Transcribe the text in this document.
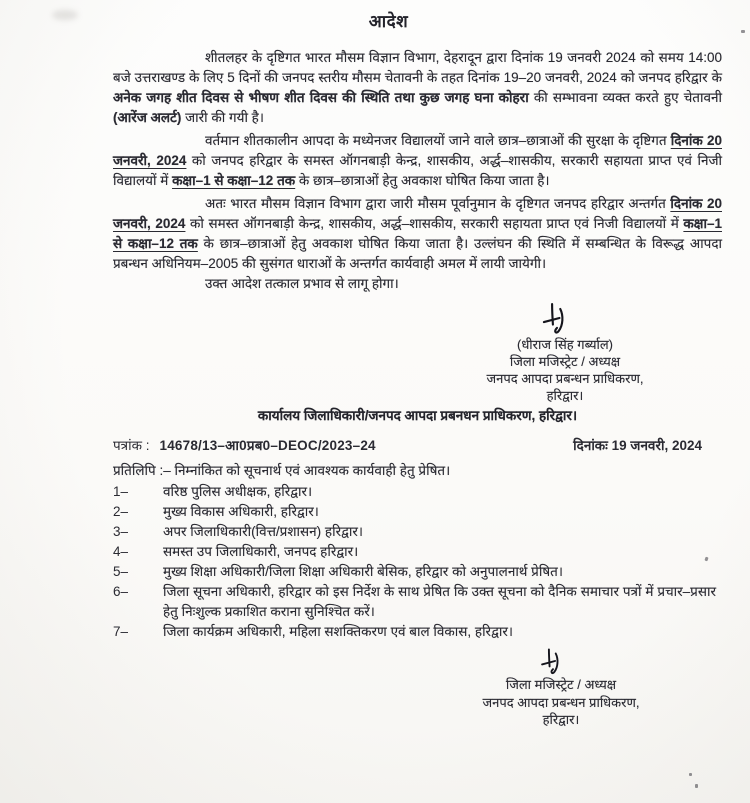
आदेश

शीतलहर के दृष्टिगत भारत मौसम विज्ञान विभाग, देहरादून द्वारा दिनांक 19 जनवरी 2024 को समय 14:00 बजे उत्तराखण्ड के लिए 5 दिनों की जनपद स्तरीय मौसम चेतावनी के तहत दिनांक 19–20 जनवरी, 2024 को जनपद हरिद्वार के अनेक जगह शीत दिवस से भीषण शीत दिवस की स्थिति तथा कुछ जगह घना कोहरा की सम्भावना व्यक्त करते हुए चेतावनी (आरेंज अलर्ट) जारी की गयी है।

वर्तमान शीतकालीन आपदा के मध्येनजर विद्यालयों जाने वाले छात्र–छात्राओं की सुरक्षा के दृष्टिगत दिनांक 20 जनवरी, 2024 को जनपद हरिद्वार के समस्त ऑगनबाड़ी केन्द्र, शासकीय, अर्द्ध–शासकीय, सरकारी सहायता प्राप्त एवं निजी विद्यालयों में कक्षा–1 से कक्षा–12 तक के छात्र–छात्राओं हेतु अवकाश घोषित किया जाता है।

अतः भारत मौसम विज्ञान विभाग द्वारा जारी मौसम पूर्वानुमान के दृष्टिगत जनपद हरिद्वार अन्तर्गत दिनांक 20 जनवरी, 2024 को समस्त ऑगनबाड़ी केन्द्र, शासकीय, अर्द्ध–शासकीय, सरकारी सहायता प्राप्त एवं निजी विद्यालयों में कक्षा–1 से कक्षा–12 तक के छात्र–छात्राओं हेतु अवकाश घोषित किया जाता है। उल्लंघन की स्थिति में सम्बन्धित के विरूद्ध आपदा प्रबन्धन अधिनियम–2005 की सुसंगत धाराओं के अन्तर्गत कार्यवाही अमल में लायी जायेगी।

उक्त आदेश तत्काल प्रभाव से लागू होगा।

(धीराज सिंह गर्ब्याल)
जिला मजिस्ट्रेट / अध्यक्ष
जनपद आपदा प्रबन्धन प्राधिकरण,
हरिद्वार।
कार्यालय जिलाधिकारी/जनपद आपदा प्रबनधन प्राधिकरण, हरिद्वार।
पत्रांक : 14678/13–आ0प्रब0–DEOC/2023–24	दिनांकः 19 जनवरी, 2024
प्रतिलिपि :– निम्नांकित को सूचनार्थ एवं आवश्यक कार्यवाही हेतु प्रेषित।
1–	वरिष्ठ पुलिस अधीक्षक, हरिद्वार।
2–	मुख्य विकास अधिकारी, हरिद्वार।
3–	अपर जिलाधिकारी(वित्त/प्रशासन) हरिद्वार।
4–	समस्त उप जिलाधिकारी, जनपद हरिद्वार।
5–	मुख्य शिक्षा अधिकारी/जिला शिक्षा अधिकारी बेसिक, हरिद्वार को अनुपालनार्थ प्रेषित।
6–	जिला सूचना अधिकारी, हरिद्वार को इस निर्देश के साथ प्रेषित कि उक्त सूचना को दैनिक समाचार पत्रों में प्रचार–प्रसार हेतु निःशुल्क प्रकाशित कराना सुनिश्चित करें।
7–	जिला कार्यक्रम अधिकारी, महिला सशक्तिकरण एवं बाल विकास, हरिद्वार।
जिला मजिस्ट्रेट / अध्यक्ष
जनपद आपदा प्रबन्धन प्राधिकरण,
हरिद्वार।
